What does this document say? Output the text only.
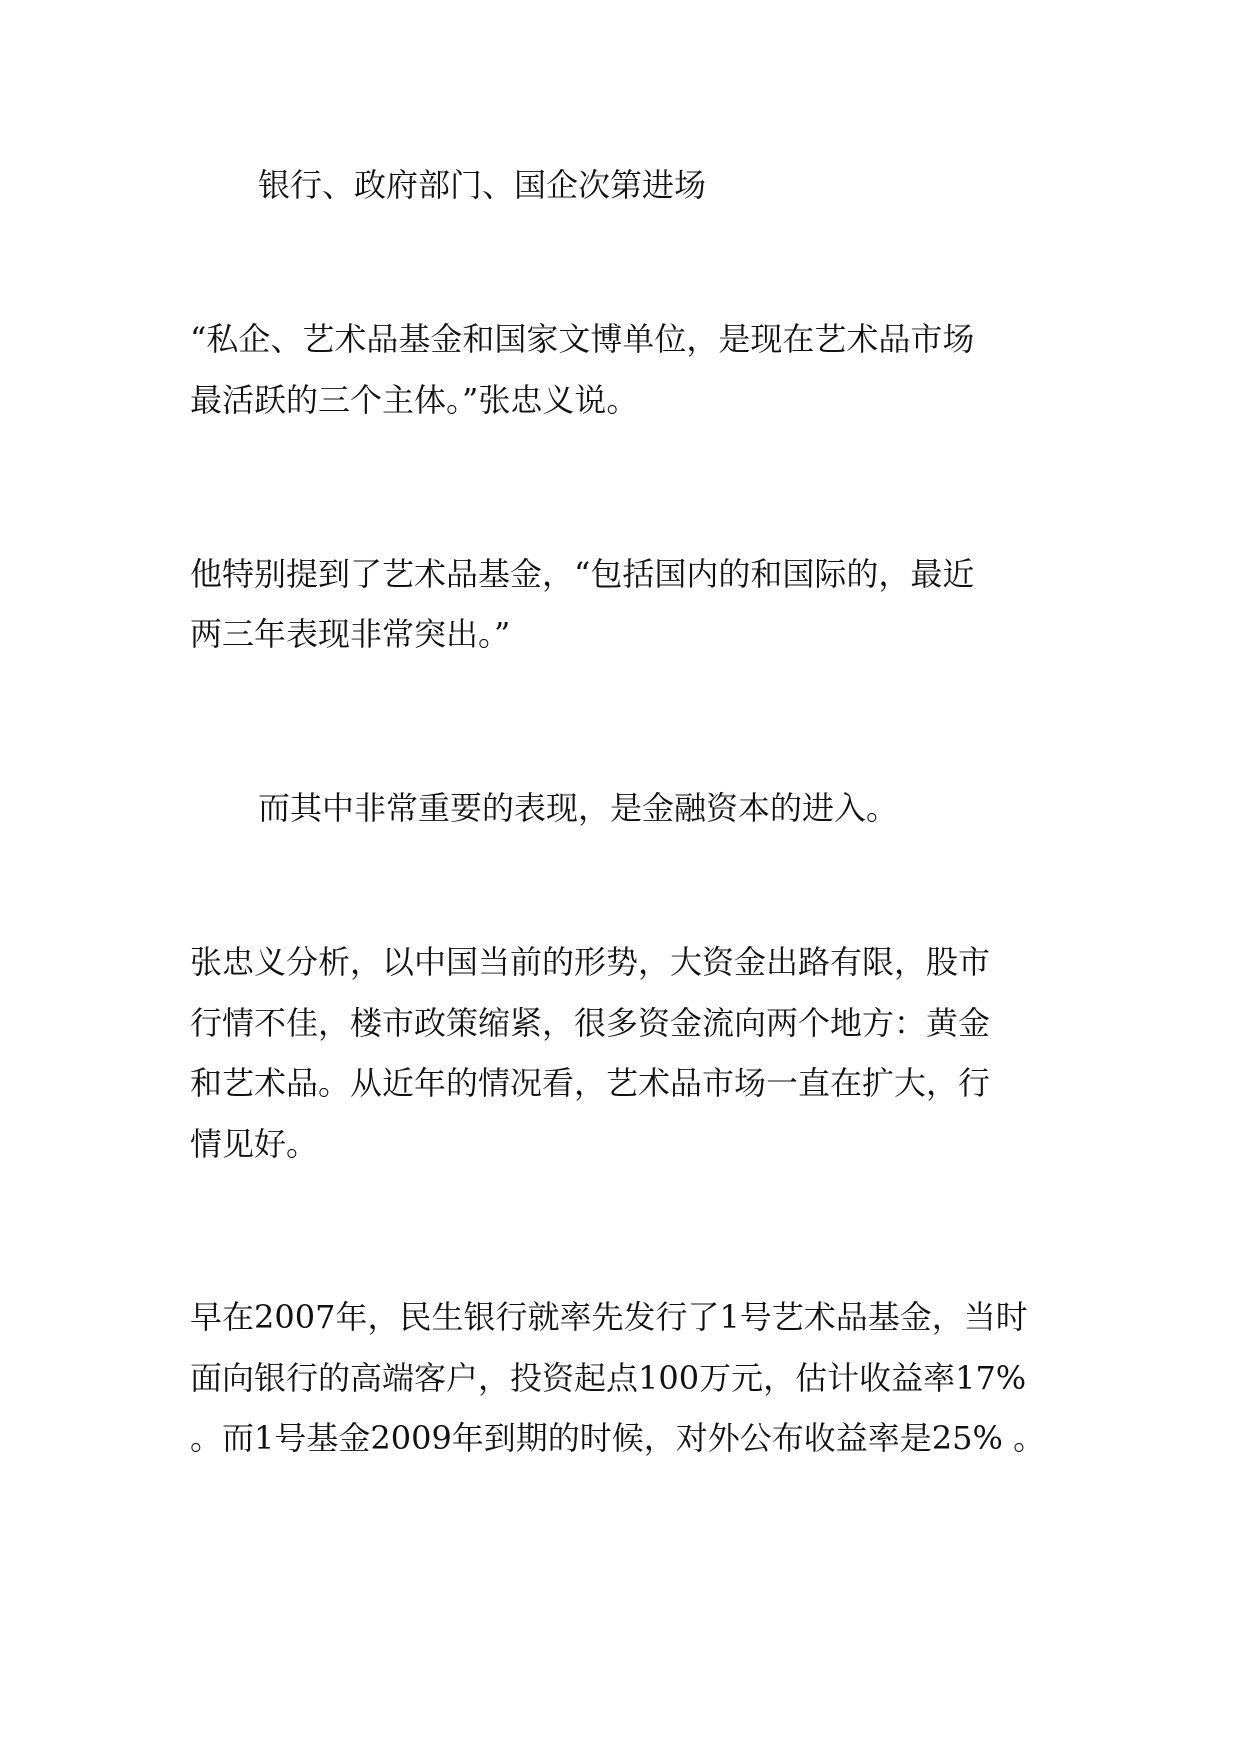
银行、政府部门、国企次第进场

“私企、艺术品基金和国家文博单位，是现在艺术品市场

最活跃的三个主体。”张忠义说。

他特别提到了艺术品基金，“包括国内的和国际的，最近

两三年表现非常突出。”

而其中非常重要的表现，是金融资本的进入。

张忠义分析，以中国当前的形势，大资金出路有限，股市

行情不佳，楼市政策缩紧，很多资金流向两个地方：黄金

和艺术品。从近年的情况看，艺术品市场一直在扩大，行

情见好。

早在2007年，民生银行就率先发行了1号艺术品基金，当时

面向银行的高端客户，投资起点100万元，估计收益率17%

。而1号基金2009年到期的时候，对外公布收益率是25% 。
